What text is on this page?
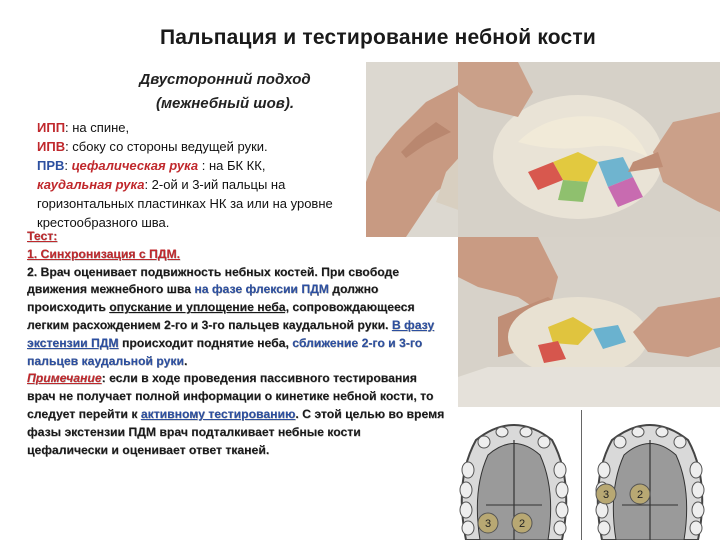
Пальпация и тестирование небной кости
Двусторонний подход
(межнебный шов).
ИПП: на спине,
ИПВ: сбоку со стороны ведущей руки.
ПРВ: цефалическая рука : на БК КК,
каудальная рука: 2-ой и 3-ий пальцы на горизонтальных пластинках НК за или на уровне крестообразного шва.
Тест:
1. Синхронизация с ПДМ.
2. Врач оценивает подвижность небных костей. При свободе движения межнебного шва на фазе флексии ПДМ должно происходить опускание и уплощение неба, сопровождающееся легким расхождением 2-го и 3-го пальцев каудальной руки. В фазу экстензии ПДМ происходит поднятие неба, сближение 2-го и 3-го пальцев каудальной руки.
Примечание: если в ходе проведения пассивного тестирования врач не получает полной информации о кинетике небной кости, то следует перейти к активному тестированию. С этой целью во время фазы экстензии ПДМ врач подталкивает небные кости цефалически и оценивает ответ тканей.
3	2
3	2
